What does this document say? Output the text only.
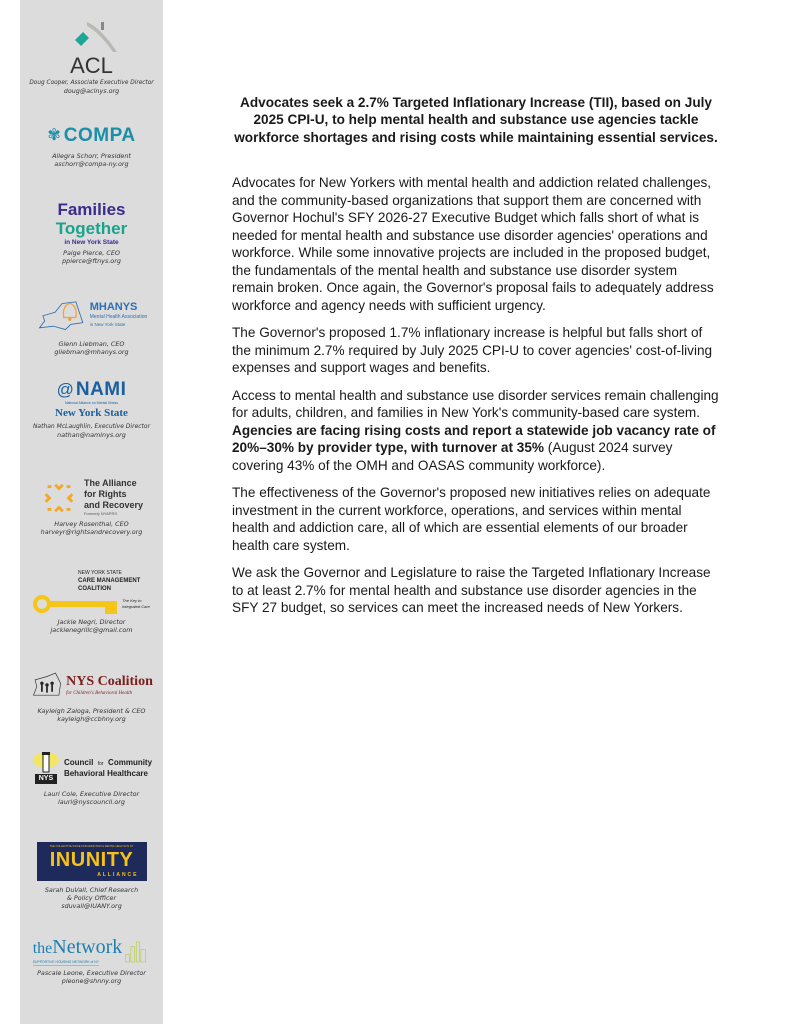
ACL
Doug Cooper, Associate Executive Director
doug@aclnys.org
✾ COMPA
Allegra Schorr, President
aschorr@compa-ny.org
Families
Together
in New York State
Paige Pierce, CEO
ppierce@ftnys.org
MHANYS
Mental Health Association
in New York State
Glenn Liebman, CEO
gliebman@mhanys.org
@ NAMI
National Alliance on Mental Illness
New York State
Nathan McLaughlin, Executive Director
nathan@naminys.org
The Alliance
for Rights
and Recovery
Formerly NYAPRS
Harvey Rosenthal, CEO
harveyr@rightsandrecovery.org
NEW YORK STATE
CARE MANAGEMENT
COALITION
The Key to
Integrated Care
Jackie Negri, Director
jackienegrillc@gmail.com
NYS Coalition
for Children's Behavioral Health
Kayleigh Zaloga, President & CEO
kayleigh@ccbhny.org
NYS
Council for Community
Behavioral Healthcare
Lauri Cole, Executive Director
lauri@nyscouncil.org
THE COLLECTIVE VOICE FOR ADDICTION & MENTAL HEALTH IN NY
INUNITY
ALLIANCE
Sarah DuVall, Chief Research
& Policy Officer
sduvall@IUANY.org
theNetwork
SUPPORTIVE HOUSING NETWORK of NY
Pascale Leone, Executive Director
pleone@shnny.org
Advocates seek a 2.7% Targeted Inflationary Increase (TII), based on July 2025 CPI-U, to help mental health and substance use agencies tackle workforce shortages and rising costs while maintaining essential services.

Advocates for New Yorkers with mental health and addiction related challenges, and the community-based organizations that support them are concerned with Governor Hochul's SFY 2026-27 Executive Budget which falls short of what is needed for mental health and substance use disorder agencies' operations and workforce. While some innovative projects are included in the proposed budget, the fundamentals of the mental health and substance use disorder system remain broken. Once again, the Governor's proposal fails to adequately address workforce and agency needs with sufficient urgency.

The Governor's proposed 1.7% inflationary increase is helpful but falls short of the minimum 2.7% required by July 2025 CPI-U to cover agencies' cost-of-living expenses and support wages and benefits.

Access to mental health and substance use disorder services remain challenging for adults, children, and families in New York's community-based care system. Agencies are facing rising costs and report a statewide job vacancy rate of 20%–30% by provider type, with turnover at 35% (August 2024 survey covering 43% of the OMH and OASAS community workforce).

The effectiveness of the Governor's proposed new initiatives relies on adequate investment in the current workforce, operations, and services within mental health and addiction care, all of which are essential elements of our broader health care system.

We ask the Governor and Legislature to raise the Targeted Inflationary Increase to at least 2.7% for mental health and substance use disorder agencies in the SFY 27 budget, so services can meet the increased needs of New Yorkers.
